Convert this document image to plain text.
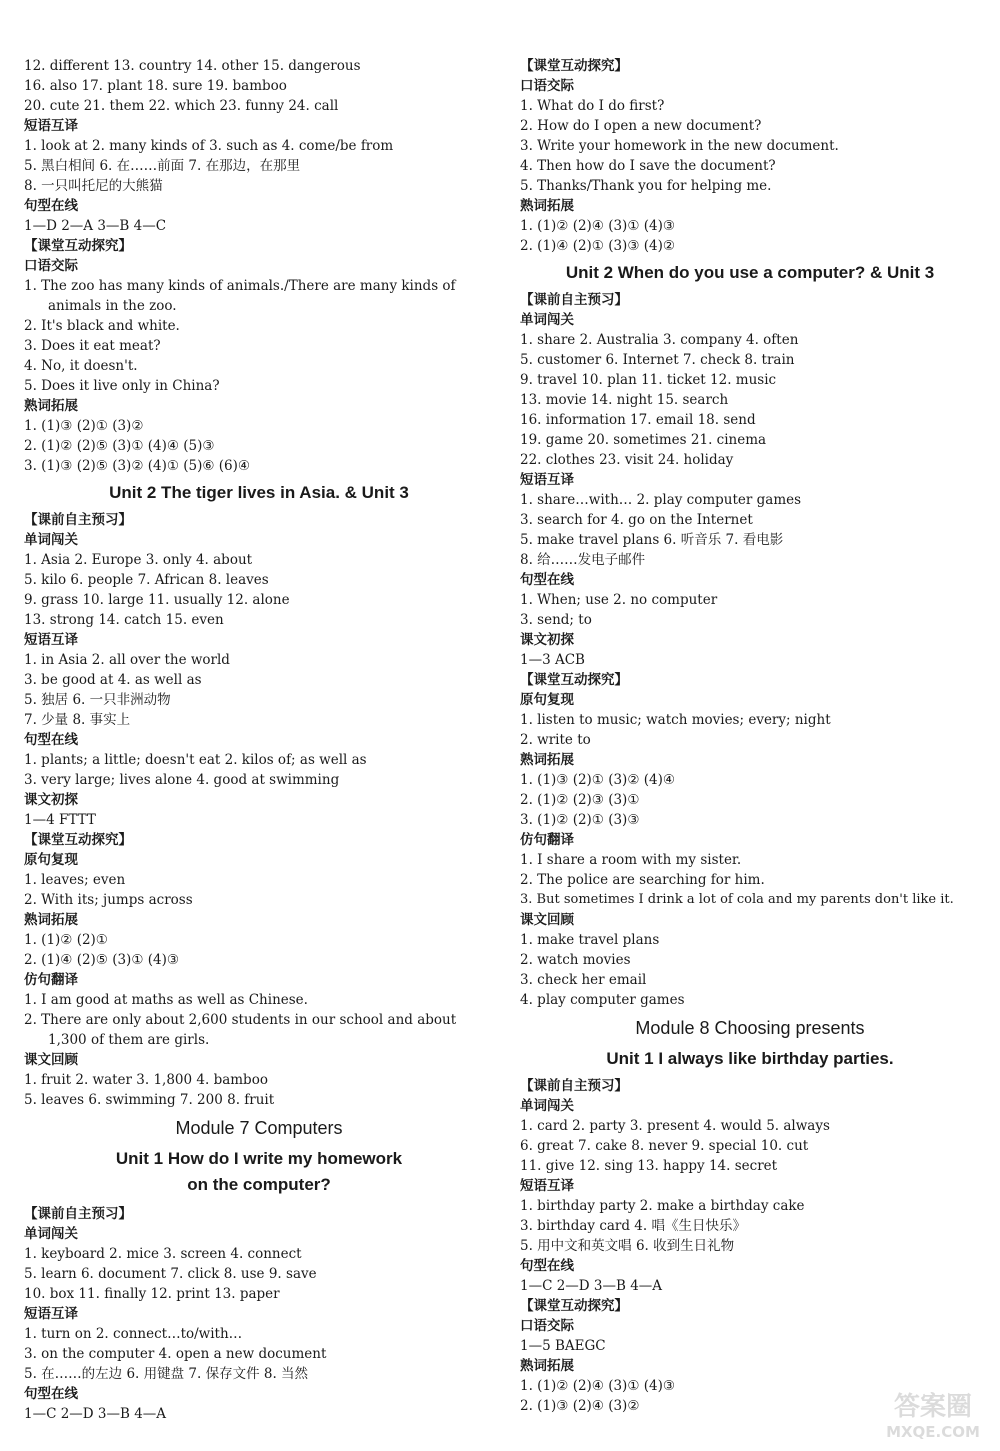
12. different 13. country 14. other 15. dangerous
16. also 17. plant 18. sure 19. bamboo
20. cute 21. them 22. which 23. funny 24. call
短语互译
1. look at 2. many kinds of 3. such as 4. come/be from
5. 黑白相间 6. 在……前面 7. 在那边，在那里
8. 一只叫托尼的大熊猫
句型在线
1—D 2—A 3—B 4—C
【课堂互动探究】
口语交际
1. The zoo has many kinds of animals./There are many kinds of
animals in the zoo.
2. It's black and white.
3. Does it eat meat?
4. No, it doesn't.
5. Does it live only in China?
熟词拓展
1. (1)③ (2)① (3)②
2. (1)② (2)⑤ (3)① (4)④ (5)③
3. (1)③ (2)⑤ (3)② (4)① (5)⑥ (6)④
Unit 2 The tiger lives in Asia. & Unit 3
【课前自主预习】
单词闯关
1. Asia 2. Europe 3. only 4. about
5. kilo 6. people 7. African 8. leaves
9. grass 10. large 11. usually 12. alone
13. strong 14. catch 15. even
短语互译
1. in Asia 2. all over the world
3. be good at 4. as well as
5. 独居 6. 一只非洲动物
7. 少量 8. 事实上
句型在线
1. plants; a little; doesn't eat 2. kilos of; as well as
3. very large; lives alone 4. good at swimming
课文初探
1—4 FTTT
【课堂互动探究】
原句复现
1. leaves; even
2. With its; jumps across
熟词拓展
1. (1)② (2)①
2. (1)④ (2)⑤ (3)① (4)③
仿句翻译
1. I am good at maths as well as Chinese.
2. There are only about 2,600 students in our school and about
1,300 of them are girls.
课文回顾
1. fruit 2. water 3. 1,800 4. bamboo
5. leaves 6. swimming 7. 200 8. fruit
Module 7 Computers
Unit 1 How do I write my homework
on the computer?
【课前自主预习】
单词闯关
1. keyboard 2. mice 3. screen 4. connect
5. learn 6. document 7. click 8. use 9. save
10. box 11. finally 12. print 13. paper
短语互译
1. turn on 2. connect…to/with…
3. on the computer 4. open a new document
5. 在……的左边 6. 用键盘 7. 保存文件 8. 当然
句型在线
1—C 2—D 3—B 4—A
【课堂互动探究】
口语交际
1. What do I do first?
2. How do I open a new document?
3. Write your homework in the new document.
4. Then how do I save the document?
5. Thanks/Thank you for helping me.
熟词拓展
1. (1)② (2)④ (3)① (4)③
2. (1)④ (2)① (3)③ (4)②
Unit 2 When do you use a computer? & Unit 3
【课前自主预习】
单词闯关
1. share 2. Australia 3. company 4. often
5. customer 6. Internet 7. check 8. train
9. travel 10. plan 11. ticket 12. music
13. movie 14. night 15. search
16. information 17. email 18. send
19. game 20. sometimes 21. cinema
22. clothes 23. visit 24. holiday
短语互译
1. share…with… 2. play computer games
3. search for 4. go on the Internet
5. make travel plans 6. 听音乐 7. 看电影
8. 给……发电子邮件
句型在线
1. When; use 2. no computer
3. send; to
课文初探
1—3 ACB
【课堂互动探究】
原句复现
1. listen to music; watch movies; every; night
2. write to
熟词拓展
1. (1)③ (2)① (3)② (4)④
2. (1)② (2)③ (3)①
3. (1)② (2)① (3)③
仿句翻译
1. I share a room with my sister.
2. The police are searching for him.
3. But sometimes I drink a lot of cola and my parents don't like it.
课文回顾
1. make travel plans
2. watch movies
3. check her email
4. play computer games
Module 8 Choosing presents
Unit 1 I always like birthday parties.
【课前自主预习】
单词闯关
1. card 2. party 3. present 4. would 5. always
6. great 7. cake 8. never 9. special 10. cut
11. give 12. sing 13. happy 14. secret
短语互译
1. birthday party 2. make a birthday cake
3. birthday card 4. 唱《生日快乐》
5. 用中文和英文唱 6. 收到生日礼物
句型在线
1—C 2—D 3—B 4—A
【课堂互动探究】
口语交际
1—5 BAEGC
熟词拓展
1. (1)② (2)④ (3)① (4)③
2. (1)③ (2)④ (3)②	答案圈
MXQE.COM
